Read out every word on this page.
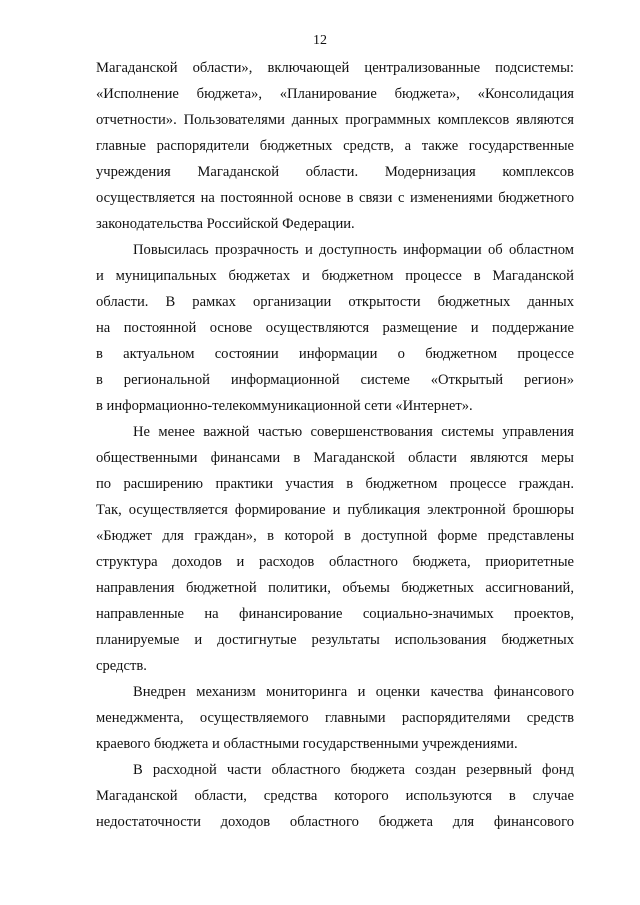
12
Магаданской области», включающей централизованные подсистемы:
«Исполнение бюджета», «Планирование бюджета», «Консолидация
отчетности». Пользователями данных программных комплексов являются
главные распорядители бюджетных средств, а также государственные
учреждения Магаданской области. Модернизация комплексов
осуществляется на постоянной основе в связи с изменениями бюджетного
законодательства Российской Федерации.
Повысилась прозрачность и доступность информации об областном
и муниципальных бюджетах и бюджетном процессе в Магаданской
области. В рамках организации открытости бюджетных данных
на постоянной основе осуществляются размещение и поддержание
в актуальном состоянии информации о бюджетном процессе
в региональной информационной системе «Открытый регион»
в информационно-телекоммуникационной сети «Интернет».
Не менее важной частью совершенствования системы управления
общественными финансами в Магаданской области являются меры
по расширению практики участия в бюджетном процессе граждан.
Так, осуществляется формирование и публикация электронной брошюры
«Бюджет для граждан», в которой в доступной форме представлены
структура доходов и расходов областного бюджета, приоритетные
направления бюджетной политики, объемы бюджетных ассигнований,
направленные на финансирование социально-значимых проектов,
планируемые и достигнутые результаты использования бюджетных
средств.
Внедрен механизм мониторинга и оценки качества финансового
менеджмента, осуществляемого главными распорядителями средств
краевого бюджета и областными государственными учреждениями.
В расходной части областного бюджета создан резервный фонд
Магаданской области, средства которого используются в случае
недостаточности доходов областного бюджета для финансового
